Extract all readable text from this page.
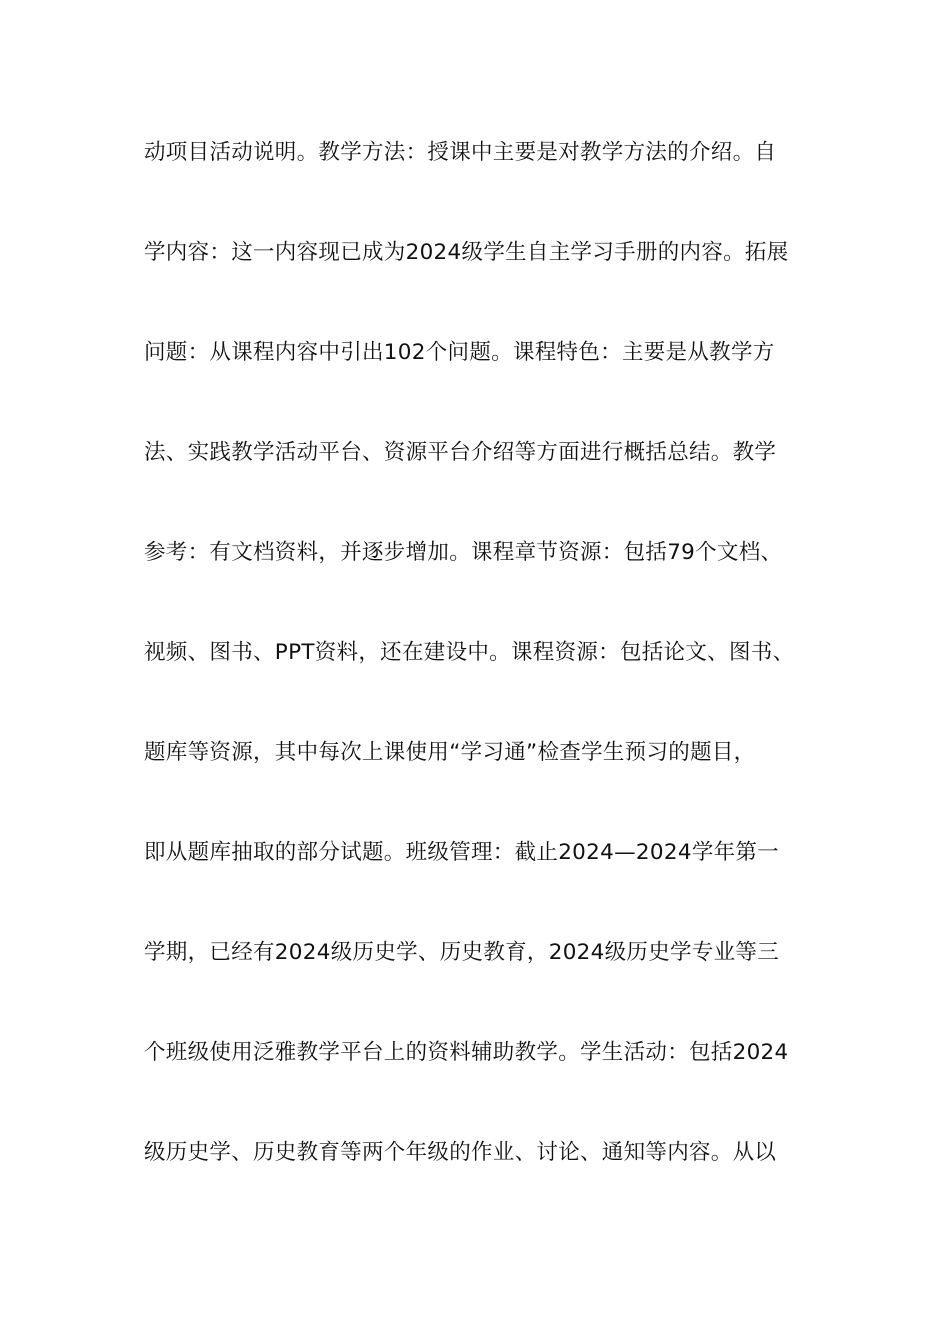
动项目活动说明。教学方法：授课中主要是对教学方法的介绍。自
学内容：这一内容现已成为2024级学生自主学习手册的内容。拓展
问题：从课程内容中引出102个问题。课程特色：主要是从教学方
法、实践教学活动平台、资源平台介绍等方面进行概括总结。教学
参考：有文档资料，并逐步增加。课程章节资源：包括79个文档、
视频、图书、PPT资料，还在建设中。课程资源：包括论文、图书、
题库等资源，其中每次上课使用“学习通”检查学生预习的题目，
即从题库抽取的部分试题。班级管理：截止2024—2024学年第一
学期，已经有2024级历史学、历史教育，2024级历史学专业等三
个班级使用泛雅教学平台上的资料辅助教学。学生活动：包括2024
级历史学、历史教育等两个年级的作业、讨论、通知等内容。从以
